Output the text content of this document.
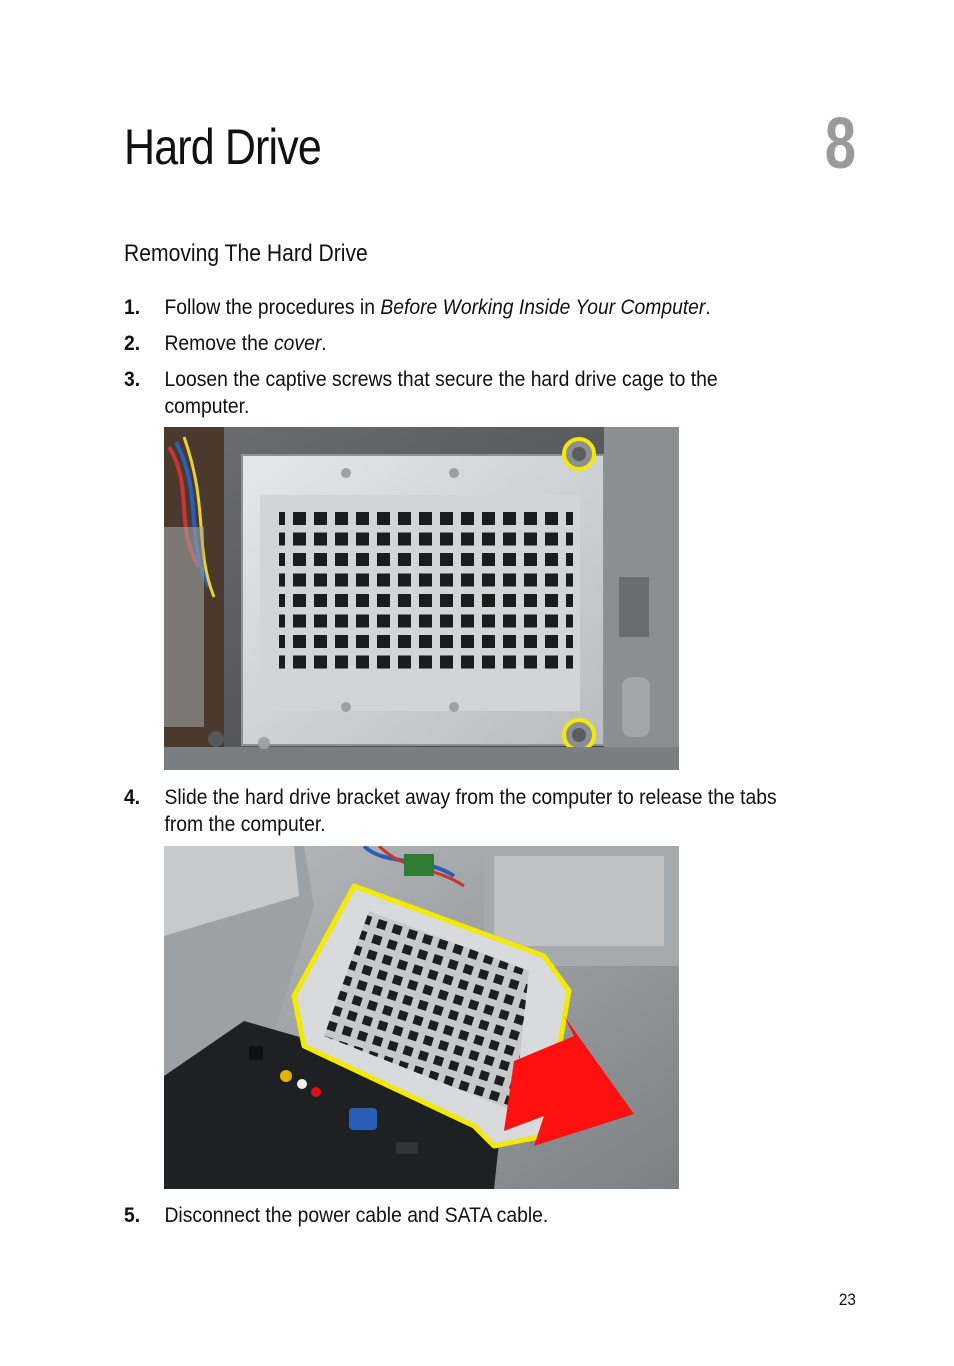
Hard Drive	8
Removing The Hard Drive
1. Follow the procedures in Before Working Inside Your Computer.
2. Remove the cover.
3. Loosen the captive screws that secure the hard drive cage to the computer.
4. Slide the hard drive bracket away from the computer to release the tabs from the computer.
5. Disconnect the power cable and SATA cable.
23
